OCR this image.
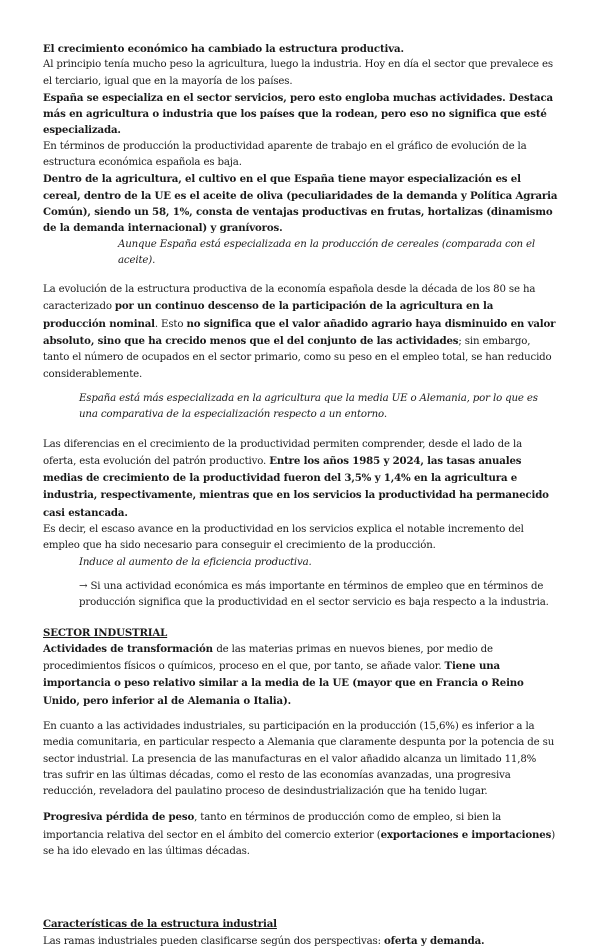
El crecimiento económico ha cambiado la estructura productiva.

Al principio tenía mucho peso la agricultura, luego la industria. Hoy en día el sector que prevalece es el terciario, igual que en la mayoría de los países.

España se especializa en el sector servicios, pero esto engloba muchas actividades. Destaca más en agricultura o industria que los países que la rodean, pero eso no significa que esté especializada.

En términos de producción la productividad aparente de trabajo en el gráfico de evolución de la estructura económica española es baja.

Dentro de la agricultura, el cultivo en el que España tiene mayor especialización es el cereal, dentro de la UE es el aceite de oliva (peculiaridades de la demanda y Política Agraria Común), siendo un 58, 1%, consta de ventajas productivas en frutas, hortalizas (dinamismo de la demanda internacional) y granívoros.

Aunque España está especializada en la producción de cereales (comparada con el aceite).

La evolución de la estructura productiva de la economía española desde la década de los 80 se ha caracterizado por un continuo descenso de la participación de la agricultura en la producción nominal. Esto no significa que el valor añadido agrario haya disminuido en valor absoluto, sino que ha crecido menos que el del conjunto de las actividades; sin embargo, tanto el número de ocupados en el sector primario, como su peso en el empleo total, se han reducido considerablemente.

España está más especializada en la agricultura que la media UE o Alemania, por lo que es una comparativa de la especialización respecto a un entorno.

Las diferencias en el crecimiento de la productividad permiten comprender, desde el lado de la oferta, esta evolución del patrón productivo. Entre los años 1985 y 2024, las tasas anuales medias de crecimiento de la productividad fueron del 3,5% y 1,4% en la agricultura e industria, respectivamente, mientras que en los servicios la productividad ha permanecido casi estancada.

Es decir, el escaso avance en la productividad en los servicios explica el notable incremento del empleo que ha sido necesario para conseguir el crecimiento de la producción.

Induce al aumento de la eficiencia productiva.

→ Si una actividad económica es más importante en términos de empleo que en términos de producción significa que la productividad en el sector servicio es baja respecto a la industria.

SECTOR INDUSTRIAL

Actividades de transformación de las materias primas en nuevos bienes, por medio de procedimientos físicos o químicos, proceso en el que, por tanto, se añade valor. Tiene una importancia o peso relativo similar a la media de la UE (mayor que en Francia o Reino Unido, pero inferior al de Alemania o Italia).

En cuanto a las actividades industriales, su participación en la producción (15,6%) es inferior a la media comunitaria, en particular respecto a Alemania que claramente despunta por la potencia de su sector industrial. La presencia de las manufacturas en el valor añadido alcanza un limitado 11,8% tras sufrir en las últimas décadas, como el resto de las economías avanzadas, una progresiva reducción, reveladora del paulatino proceso de desindustrialización que ha tenido lugar.

Progresiva pérdida de peso, tanto en términos de producción como de empleo, si bien la importancia relativa del sector en el ámbito del comercio exterior (exportaciones e importaciones) se ha ido elevado en las últimas décadas.

Características de la estructura industrial

Las ramas industriales pueden clasificarse según dos perspectivas: oferta y demanda.
